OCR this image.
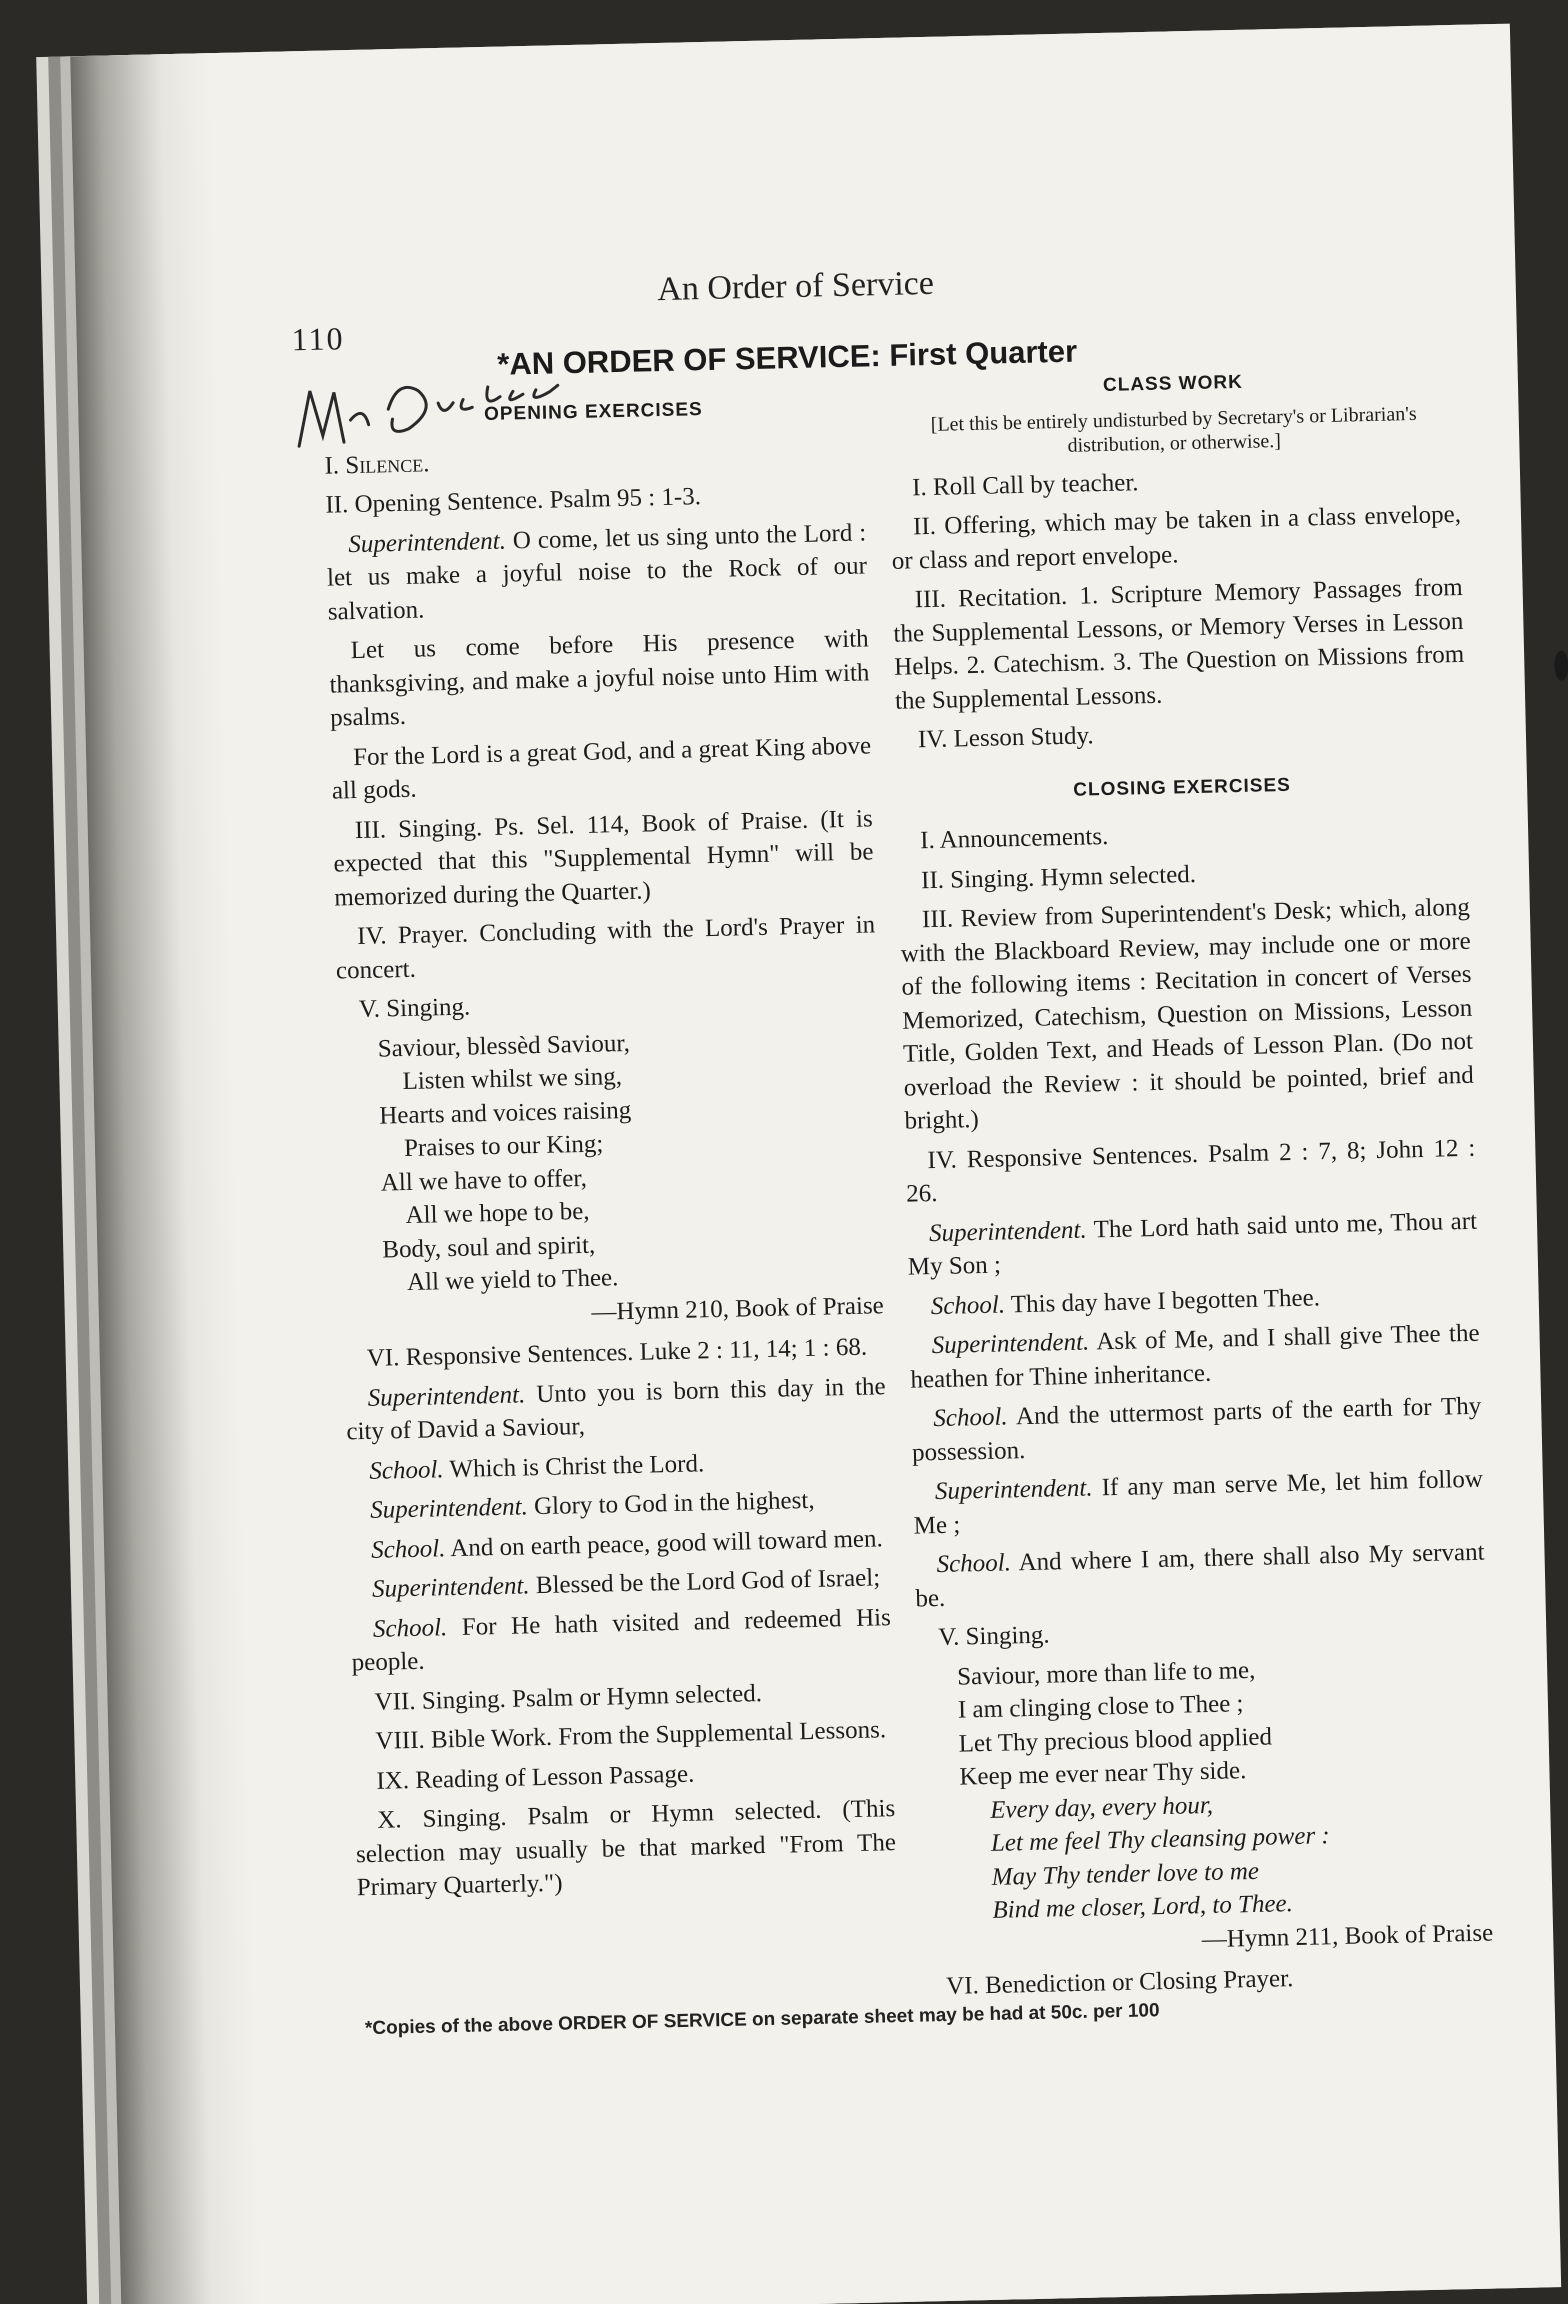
An Order of Service
110	*AN ORDER OF SERVICE: First Quarter
OPENING EXERCISES
I. Silence.
II. Opening Sentence. Psalm 95 : 1-3.
Superintendent. O come, let us sing unto the Lord : let us make a joyful noise to the Rock of our salvation.
Let us come before His presence with thanksgiving, and make a joyful noise unto Him with psalms.
For the Lord is a great God, and a great King above all gods.
III. Singing. Ps. Sel. 114, Book of Praise. (It is expected that this "Supplemental Hymn" will be memorized during the Quarter.)
IV. Prayer. Concluding with the Lord's Prayer in concert.
V. Singing.
Saviour, blessèd Saviour,
Listen whilst we sing,
Hearts and voices raising
Praises to our King;
All we have to offer,
All we hope to be,
Body, soul and spirit,
All we yield to Thee.
—Hymn 210, Book of Praise
VI. Responsive Sentences. Luke 2 : 11, 14; 1 : 68.
Superintendent. Unto you is born this day in the city of David a Saviour,
School. Which is Christ the Lord.
Superintendent. Glory to God in the highest,
School. And on earth peace, good will toward men.
Superintendent. Blessed be the Lord God of Israel;
School. For He hath visited and redeemed His people.
VII. Singing. Psalm or Hymn selected.
VIII. Bible Work. From the Supplemental Lessons.
IX. Reading of Lesson Passage.
X. Singing. Psalm or Hymn selected. (This selection may usually be that marked "From The Primary Quarterly.")
CLASS WORK
[Let this be entirely undisturbed by Secretary's or Librarian's distribution, or otherwise.]
I. Roll Call by teacher.
II. Offering, which may be taken in a class envelope, or class and report envelope.
III. Recitation. 1. Scripture Memory Passages from the Supplemental Lessons, or Memory Verses in Lesson Helps. 2. Catechism. 3. The Question on Missions from the Supplemental Lessons.
IV. Lesson Study.
CLOSING EXERCISES
I. Announcements.
II. Singing. Hymn selected.
III. Review from Superintendent's Desk; which, along with the Blackboard Review, may include one or more of the following items : Recitation in concert of Verses Memorized, Catechism, Question on Missions, Lesson Title, Golden Text, and Heads of Lesson Plan. (Do not overload the Review : it should be pointed, brief and bright.)
IV. Responsive Sentences. Psalm 2 : 7, 8; John 12 : 26.
Superintendent. The Lord hath said unto me, Thou art My Son ;
School. This day have I begotten Thee.
Superintendent. Ask of Me, and I shall give Thee the heathen for Thine inheritance.
School. And the uttermost parts of the earth for Thy possession.
Superintendent. If any man serve Me, let him follow Me ;
School. And where I am, there shall also My servant be.
V. Singing.
Saviour, more than life to me,
I am clinging close to Thee ;
Let Thy precious blood applied
Keep me ever near Thy side.
Every day, every hour,
Let me feel Thy cleansing power :
May Thy tender love to me
Bind me closer, Lord, to Thee.
—Hymn 211, Book of Praise
VI. Benediction or Closing Prayer.
*Copies of the above ORDER OF SERVICE on separate sheet may be had at 50c. per 100
